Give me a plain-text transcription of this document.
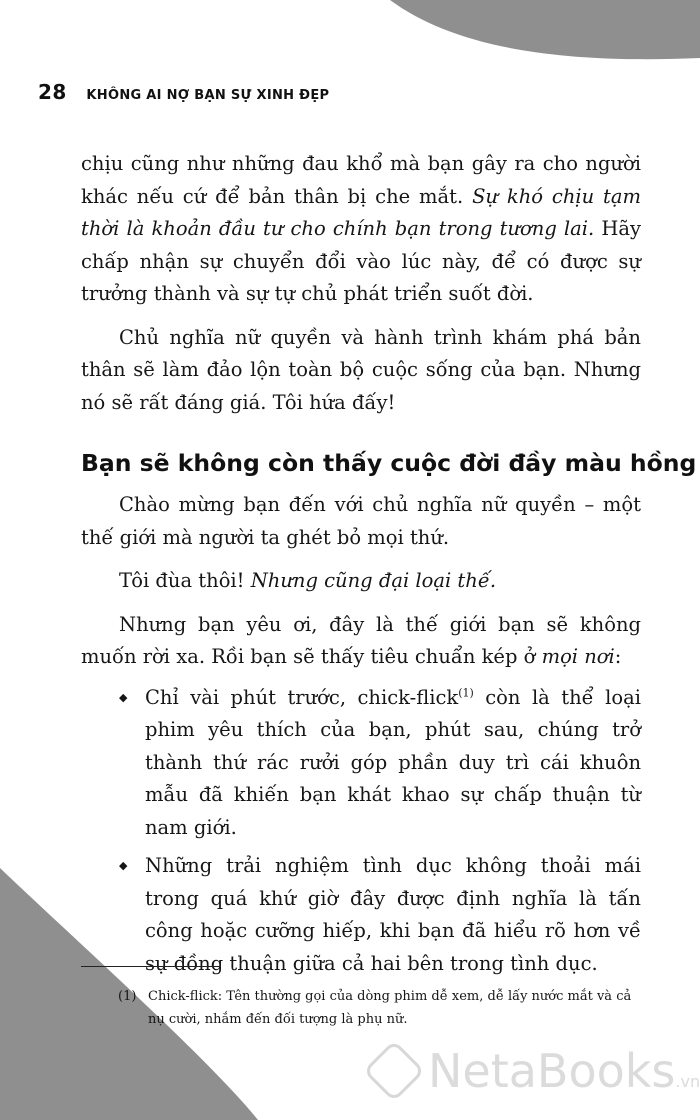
28 KHÔNG AI NỢ BẠN SỰ XINH ĐẸP

chịu cũng như những đau khổ mà bạn gây ra cho người khác nếu cứ để bản thân bị che mắt. Sự khó chịu tạm thời là khoản đầu tư cho chính bạn trong tương lai. Hãy chấp nhận sự chuyển đổi vào lúc này, để có được sự trưởng thành và sự tự chủ phát triển suốt đời.

Chủ nghĩa nữ quyền và hành trình khám phá bản thân sẽ làm đảo lộn toàn bộ cuộc sống của bạn. Nhưng nó sẽ rất đáng giá. Tôi hứa đấy!

Bạn sẽ không còn thấy cuộc đời đầy màu hồng

Chào mừng bạn đến với chủ nghĩa nữ quyền – một thế giới mà người ta ghét bỏ mọi thứ.

Tôi đùa thôi! Nhưng cũng đại loại thế.

Nhưng bạn yêu ơi, đây là thế giới bạn sẽ không muốn rời xa. Rồi bạn sẽ thấy tiêu chuẩn kép ở mọi nơi:

◆ Chỉ vài phút trước, chick-flick$^{(1)}$ còn là thể loại phim yêu thích của bạn, phút sau, chúng trở thành thứ rác rưởi góp phần duy trì cái khuôn mẫu đã khiến bạn khát khao sự chấp thuận từ nam giới.
◆ Những trải nghiệm tình dục không thoải mái trong quá khứ giờ đây được định nghĩa là tấn công hoặc cưỡng hiếp, khi bạn đã hiểu rõ hơn về sự đồng thuận giữa cả hai bên trong tình dục.
(1) Chick-flick: Tên thường gọi của dòng phim dễ xem, dễ lấy nước mắt và cả nụ cười, nhắm đến đối tượng là phụ nữ.
NetaBooks.vn
